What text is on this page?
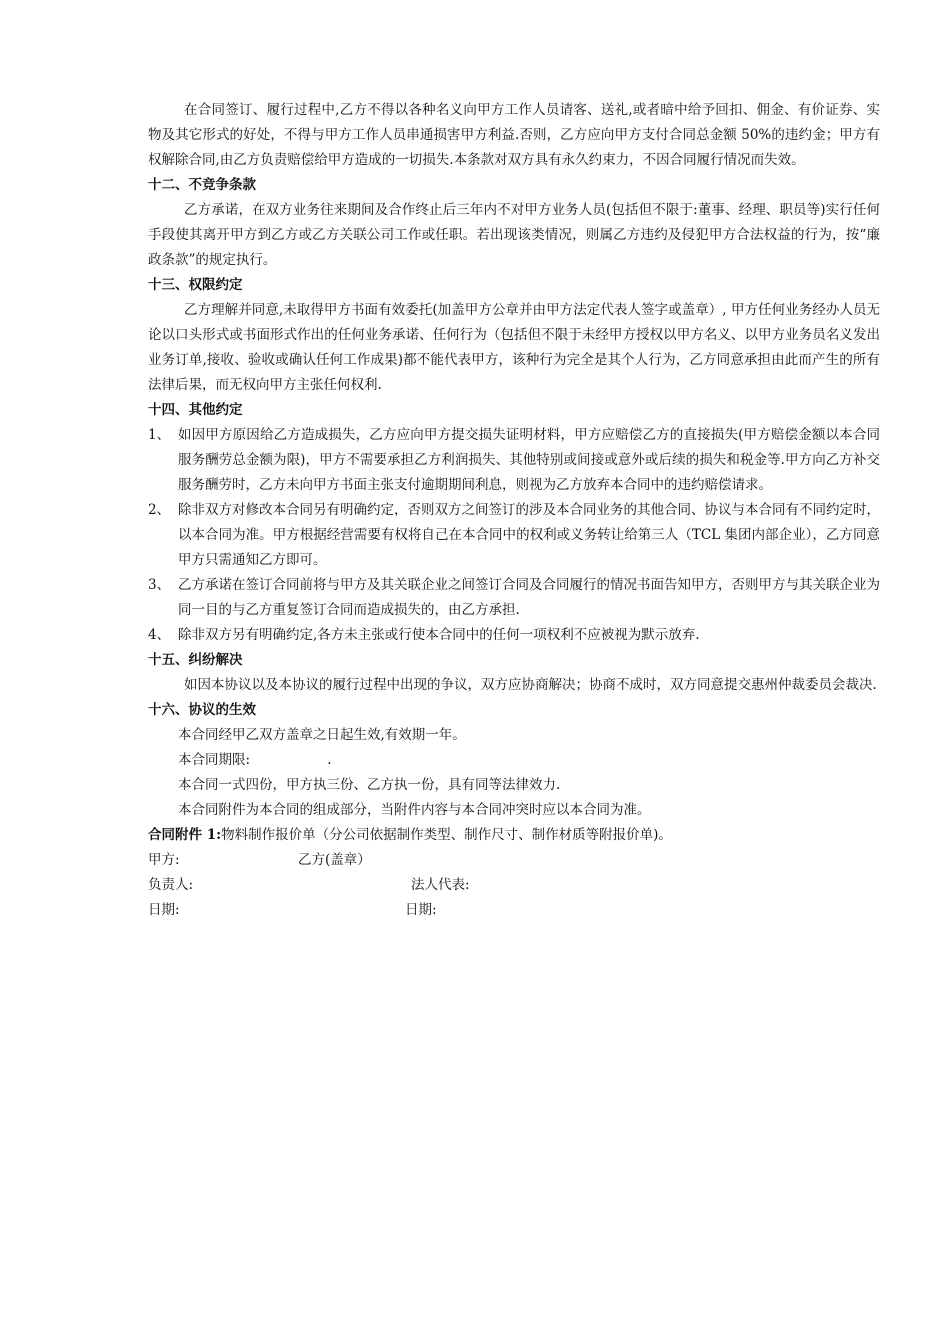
在合同签订、履行过程中,乙方不得以各种名义向甲方工作人员请客、送礼,或者暗中给予回扣、佣金、有价证券、实物及其它形式的好处，不得与甲方工作人员串通损害甲方利益.否则，乙方应向甲方支付合同总金额 50%的违约金；甲方有权解除合同,由乙方负责赔偿给甲方造成的一切损失.本条款对双方具有永久约束力，不因合同履行情况而失效。

十二、不竞争条款

乙方承诺，在双方业务往来期间及合作终止后三年内不对甲方业务人员(包括但不限于:董事、经理、职员等)实行任何手段使其离开甲方到乙方或乙方关联公司工作或任职。若出现该类情况，则属乙方违约及侵犯甲方合法权益的行为，按“廉政条款”的规定执行。

十三、权限约定

乙方理解并同意,未取得甲方书面有效委托(加盖甲方公章并由甲方法定代表人签字或盖章）, 甲方任何业务经办人员无论以口头形式或书面形式作出的任何业务承诺、任何行为（包括但不限于未经甲方授权以甲方名义、以甲方业务员名义发出业务订单,接收、验收或确认任何工作成果)都不能代表甲方，该种行为完全是其个人行为，乙方同意承担由此而产生的所有法律后果，而无权向甲方主张任何权利.

十四、其他约定

1、 如因甲方原因给乙方造成损失，乙方应向甲方提交损失证明材料，甲方应赔偿乙方的直接损失(甲方赔偿金额以本合同服务酬劳总金额为限)，甲方不需要承担乙方利润损失、其他特别或间接或意外或后续的损失和税金等.甲方向乙方补交服务酬劳时，乙方未向甲方书面主张支付逾期期间利息，则视为乙方放弃本合同中的违约赔偿请求。
2、 除非双方对修改本合同另有明确约定，否则双方之间签订的涉及本合同业务的其他合同、协议与本合同有不同约定时，以本合同为准。甲方根据经营需要有权将自己在本合同中的权利或义务转让给第三人（TCL 集团内部企业），乙方同意甲方只需通知乙方即可。
3、 乙方承诺在签订合同前将与甲方及其关联企业之间签订合同及合同履行的情况书面告知甲方，否则甲方与其关联企业为同一目的与乙方重复签订合同而造成损失的，由乙方承担.
4、 除非双方另有明确约定,各方未主张或行使本合同中的任何一项权利不应被视为默示放弃.

十五、纠纷解决

如因本协议以及本协议的履行过程中出现的争议，双方应协商解决；协商不成时，双方同意提交惠州仲裁委员会裁决.

十六、协议的生效

本合同经甲乙双方盖章之日起生效,有效期一年。

本合同期限:                  .

本合同一式四份，甲方执三份、乙方执一份，具有同等法律效力.

本合同附件为本合同的组成部分，当附件内容与本合同冲突时应以本合同为准。

合同附件 1:物料制作报价单（分公司依据制作类型、制作尺寸、制作材质等附报价单)。

甲方:	乙方(盖章）
负责人:	法人代表:
日期:	日期:
